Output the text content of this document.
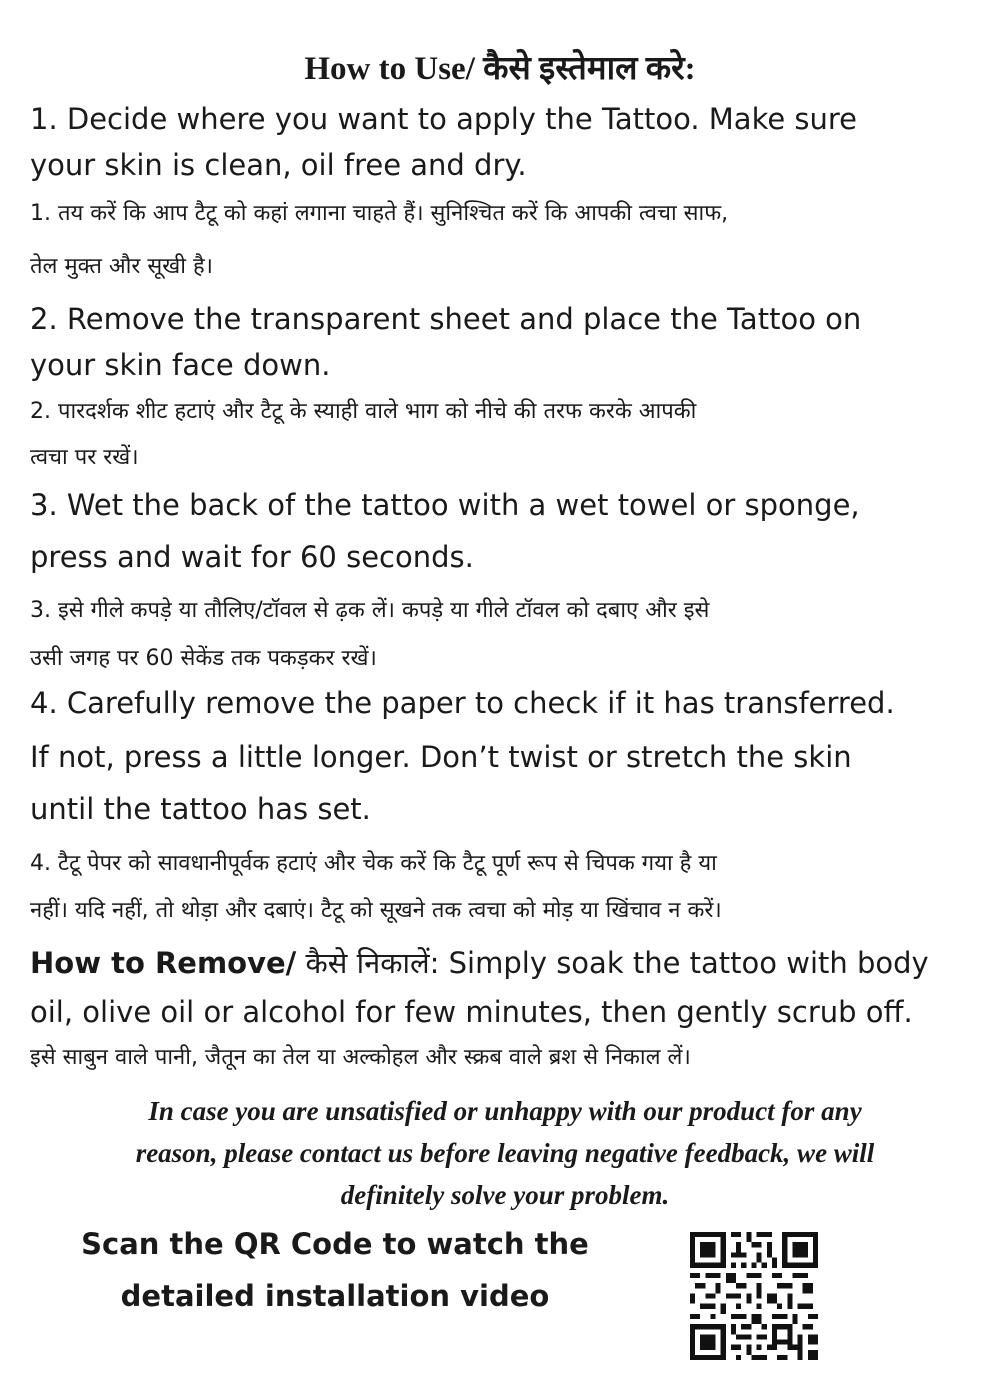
How to Use/ कैसे इस्तेमाल करे:

1. Decide where you want to apply the Tattoo. Make sure

your skin is clean, oil free and dry.

1. तय करें कि आप टैटू को कहां लगाना चाहते हैं। सुनिश्चित करें कि आपकी त्वचा साफ,

तेल मुक्त और सूखी है।

2. Remove the transparent sheet and place the Tattoo on

your skin face down.

2. पारदर्शक शीट हटाएं और टैटू के स्याही वाले भाग को नीचे की तरफ करके आपकी

त्वचा पर रखें।

3. Wet the back of the tattoo with a wet towel or sponge,

press and wait for 60 seconds.

3. इसे गीले कपड़े या तौलिए/टॉवल से ढ़क लें। कपड़े या गीले टॉवल को दबाए और इसे

उसी जगह पर 60 सेकेंड तक पकड़कर रखें।

4. Carefully remove the paper to check if it has transferred.

If not, press a little longer. Don’t twist or stretch the skin

until the tattoo has set.

4. टैटू पेपर को सावधानीपूर्वक हटाएं और चेक करें कि टैटू पूर्ण रूप से चिपक गया है या

नहीं। यदि नहीं, तो थोड़ा और दबाएं। टैटू को सूखने तक त्वचा को मोड़ या खिंचाव न करें।

How to Remove/ कैसे निकालें: Simply soak the tattoo with body

oil, olive oil or alcohol for few minutes, then gently scrub off.

इसे साबुन वाले पानी, जैतून का तेल या अल्कोहल और स्क्रब वाले ब्रश से निकाल लें।

In case you are unsatisfied or unhappy with our product for any
reason, please contact us before leaving negative feedback, we will
definitely solve your problem.
Scan the QR Code to watch the
detailed installation video
